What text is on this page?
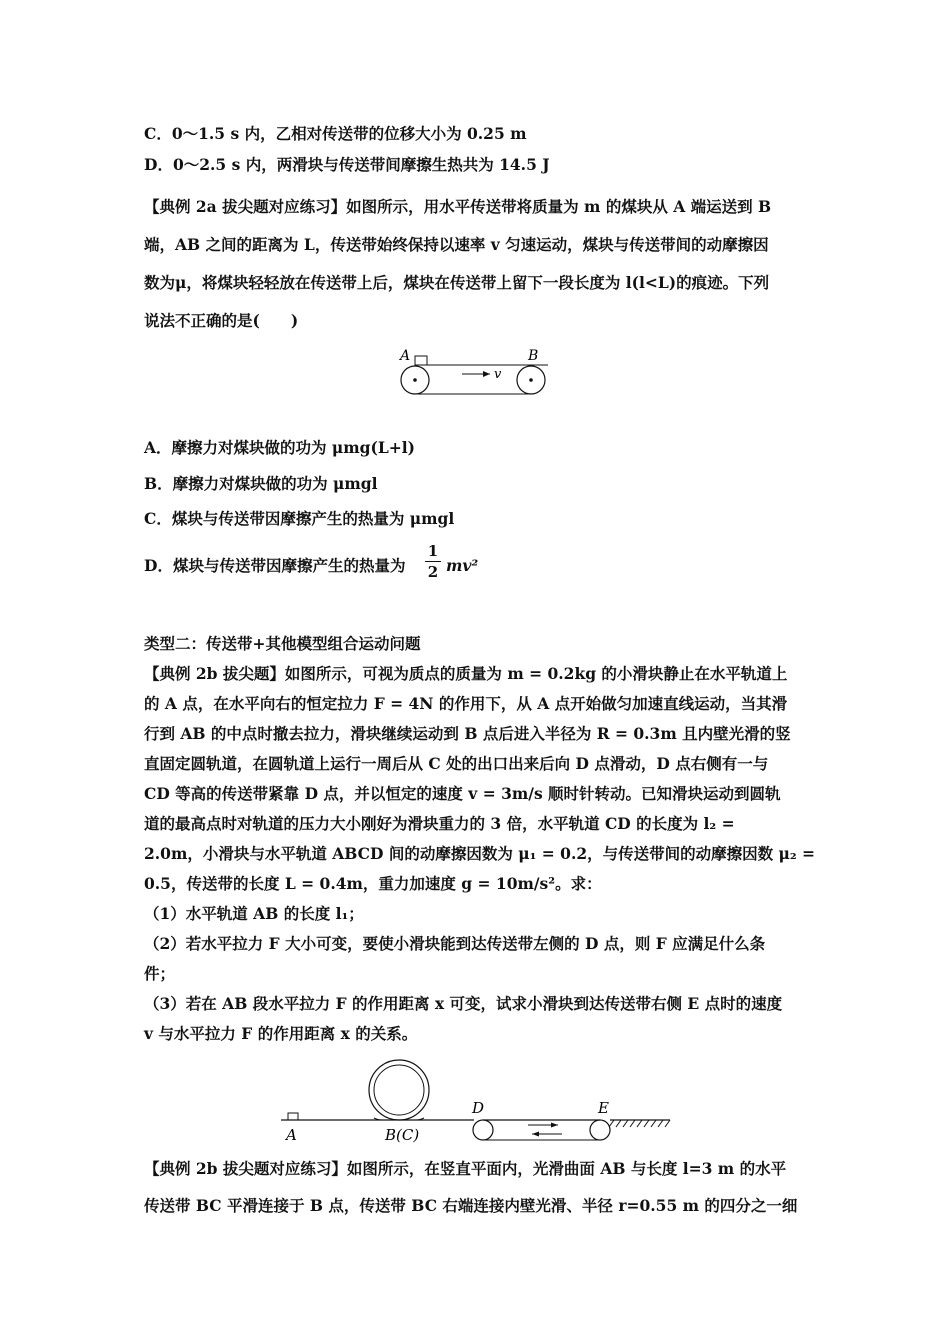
C．0～1.5 s 内，乙相对传送带的位移大小为 0.25 m
D．0～2.5 s 内，两滑块与传送带间摩擦生热共为 14.5 J
【典例 2a 拔尖题对应练习】如图所示，用水平传送带将质量为 m 的煤块从 A 端运送到 B
端，AB 之间的距离为 L，传送带始终保持以速率 v 匀速运动，煤块与传送带间的动摩擦因
数为μ，将煤块轻轻放在传送带上后，煤块在传送带上留下一段长度为 l(l<L)的痕迹。下列
说法不正确的是(　　)
A	B
v
A．摩擦力对煤块做的功为 μmg(L+l)
B．摩擦力对煤块做的功为 μmgl
C．煤块与传送带因摩擦产生的热量为 μmgl
D．煤块与传送带因摩擦产生的热量为
1
2 mv²
类型二：传送带+其他模型组合运动问题
【典例 2b 拔尖题】如图所示，可视为质点的质量为 m = 0.2kg 的小滑块静止在水平轨道上
的 A 点，在水平向右的恒定拉力 F = 4N 的作用下，从 A 点开始做匀加速直线运动，当其滑
行到 AB 的中点时撤去拉力，滑块继续运动到 B 点后进入半径为 R = 0.3m 且内壁光滑的竖
直固定圆轨道，在圆轨道上运行一周后从 C 处的出口出来后向 D 点滑动，D 点右侧有一与
CD 等高的传送带紧靠 D 点，并以恒定的速度 v = 3m/s 顺时针转动。已知滑块运动到圆轨
道的最高点时对轨道的压力大小刚好为滑块重力的 3 倍，水平轨道 CD 的长度为 l₂ =
2.0m，小滑块与水平轨道 ABCD 间的动摩擦因数为 μ₁ = 0.2，与传送带间的动摩擦因数 μ₂ =
0.5，传送带的长度 L = 0.4m，重力加速度 g = 10m/s²。求：
（1）水平轨道 AB 的长度 l₁；
（2）若水平拉力 F 大小可变，要使小滑块能到达传送带左侧的 D 点，则 F 应满足什么条
件；
（3）若在 AB 段水平拉力 F 的作用距离 x 可变，试求小滑块到达传送带右侧 E 点时的速度
v 与水平拉力 F 的作用距离 x 的关系。
A	B(C)
D	E
【典例 2b 拔尖题对应练习】如图所示，在竖直平面内，光滑曲面 AB 与长度 l=3 m 的水平
传送带 BC 平滑连接于 B 点，传送带 BC 右端连接内壁光滑、半径 r=0.55 m 的四分之一细
